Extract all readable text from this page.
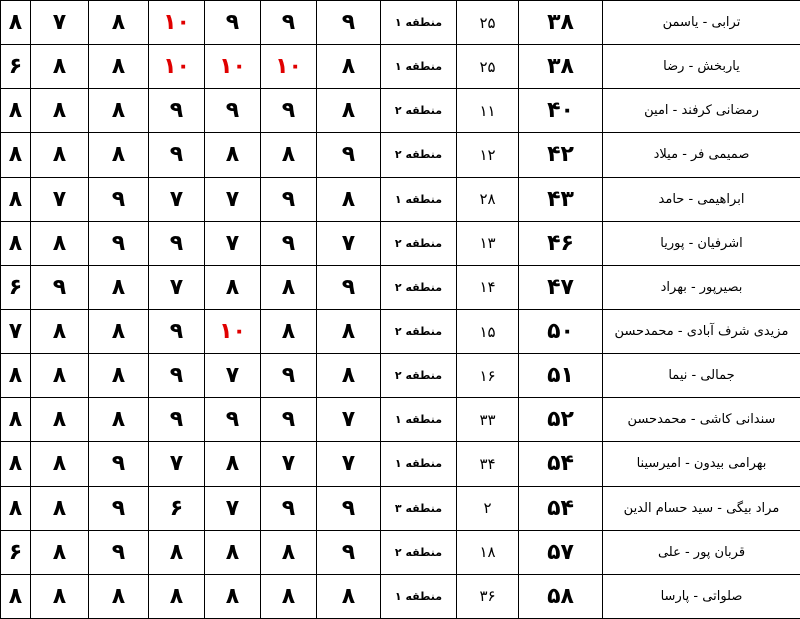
ترابی - یاسمن	۳۸	۲۵	منطقه ۱	۹	۹	۹	۱۰	۸	۷	۸
یاربخش - رضا	۳۸	۲۵	منطقه ۱	۸	۱۰	۱۰	۱۰	۸	۸	۶
رمضانی کرفند - امین	۴۰	۱۱	منطقه ۲	۸	۹	۹	۹	۸	۸	۸
صمیمی فر - میلاد	۴۲	۱۲	منطقه ۲	۹	۸	۸	۹	۸	۸	۸
ابراهیمی - حامد	۴۳	۲۸	منطقه ۱	۸	۹	۷	۷	۹	۷	۸
اشرفیان - پوریا	۴۶	۱۳	منطقه ۲	۷	۹	۷	۹	۹	۸	۸
بصیرپور - بهراد	۴۷	۱۴	منطقه ۲	۹	۸	۸	۷	۸	۹	۶
مزیدی شرف آبادی - محمدحسن	۵۰	۱۵	منطقه ۲	۸	۸	۱۰	۹	۸	۸	۷
جمالی - نیما	۵۱	۱۶	منطقه ۲	۸	۹	۷	۹	۸	۸	۸
سندانی کاشی - محمدحسن	۵۲	۳۳	منطقه ۱	۷	۹	۹	۹	۸	۸	۸
بهرامی بیدون - امیرسینا	۵۴	۳۴	منطقه ۱	۷	۷	۸	۷	۹	۸	۸
مراد بیگی - سید حسام الدین	۵۴	۲	منطقه ۳	۹	۹	۷	۶	۹	۸	۸
قربان پور - علی	۵۷	۱۸	منطقه ۲	۹	۸	۸	۸	۹	۸	۶
صلواتی - پارسا	۵۸	۳۶	منطقه ۱	۸	۸	۸	۸	۸	۸	۸
